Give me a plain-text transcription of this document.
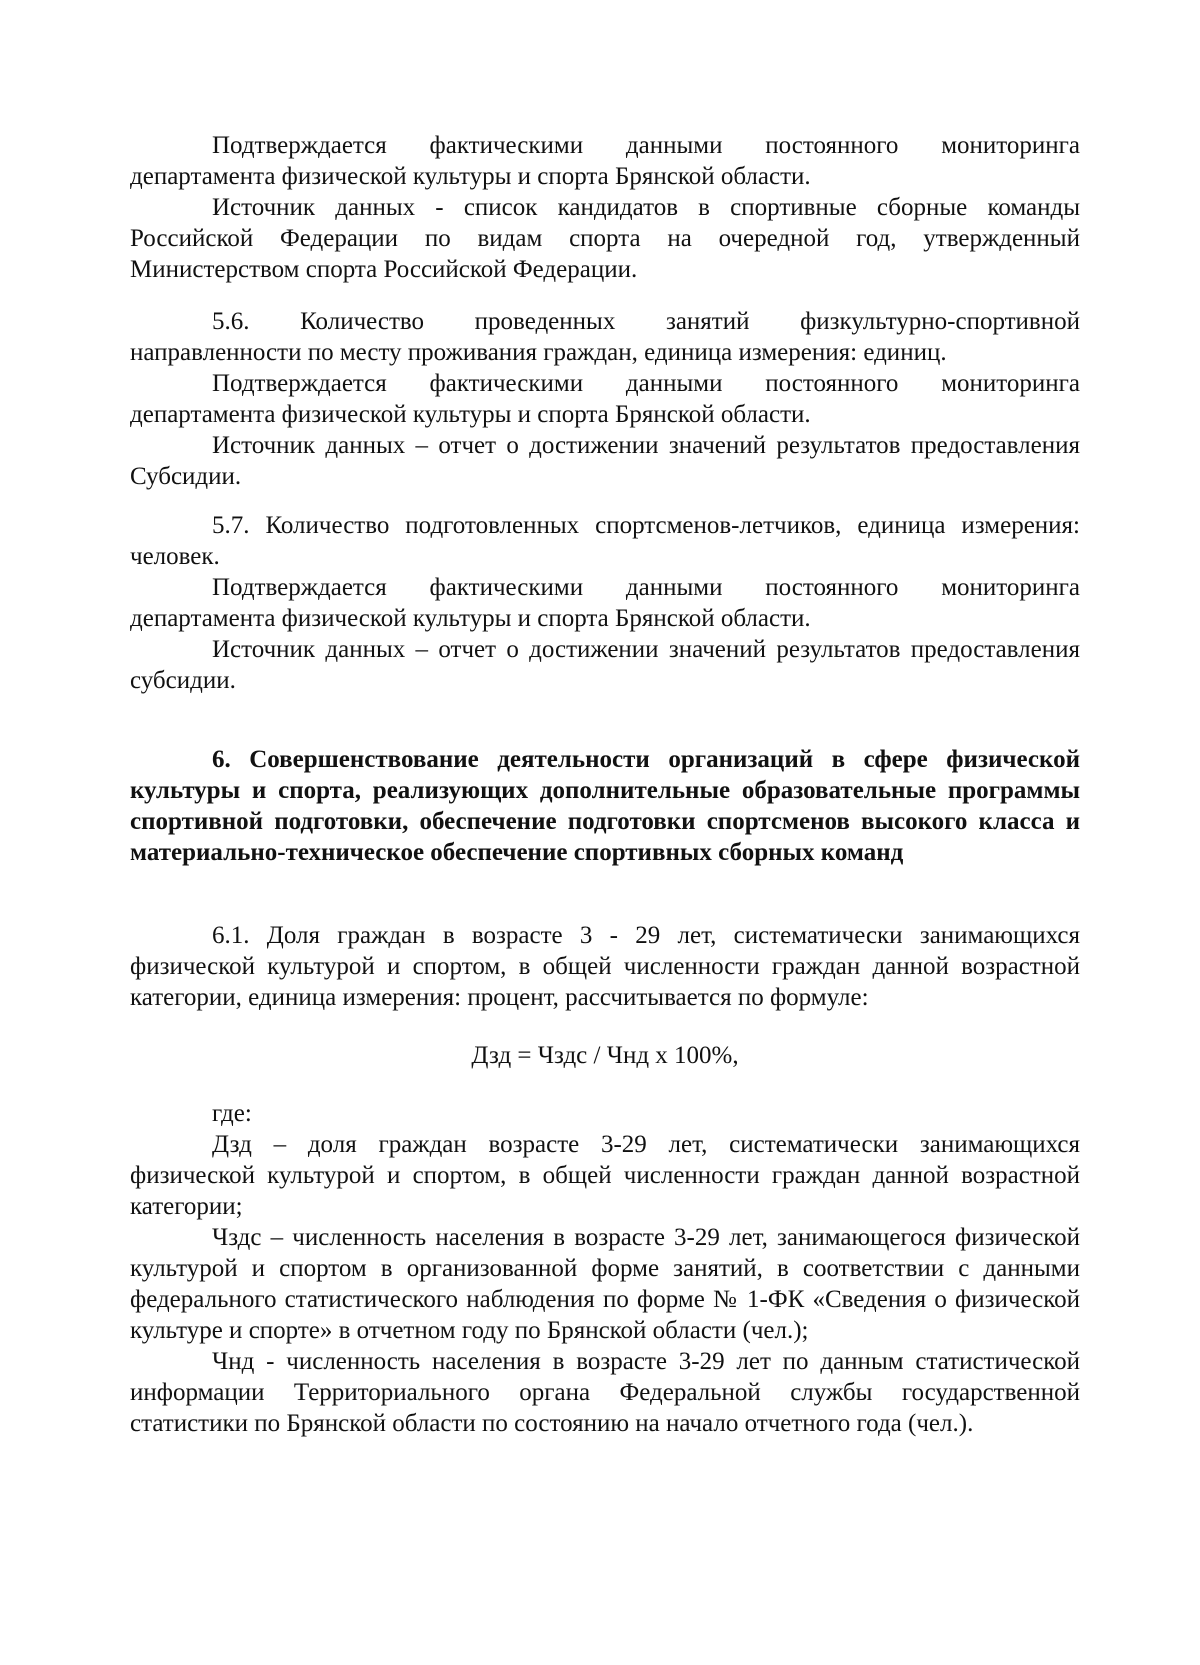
Подтверждается фактическими данными постоянного мониторинга департамента физической культуры и спорта Брянской области.

Источник данных - список кандидатов в спортивные сборные команды Российской Федерации по видам спорта на очередной год, утвержденный Министерством спорта Российской Федерации.

5.6. Количество проведенных занятий физкультурно-спортивной направленности по месту проживания граждан, единица измерения: единиц.

Подтверждается фактическими данными постоянного мониторинга департамента физической культуры и спорта Брянской области.

Источник данных – отчет о достижении значений результатов предоставления Субсидии.

5.7. Количество подготовленных спортсменов-летчиков, единица измерения: человек.

Подтверждается фактическими данными постоянного мониторинга департамента физической культуры и спорта Брянской области.

Источник данных – отчет о достижении значений результатов предоставления субсидии.

6. Совершенствование деятельности организаций в сфере физической культуры и спорта, реализующих дополнительные образовательные программы спортивной подготовки, обеспечение подготовки спортсменов высокого класса и материально-техническое обеспечение спортивных сборных команд

6.1. Доля граждан в возрасте 3 - 29 лет, систематически занимающихся физической культурой и спортом, в общей численности граждан данной возрастной категории, единица измерения: процент, рассчитывается по формуле:

Дзд = Чздс / Чнд х 100%,

где:

Дзд – доля граждан возрасте 3-29 лет, систематически занимающихся физической культурой и спортом, в общей численности граждан данной возрастной категории;

Чздс – численность населения в возрасте 3-29 лет, занимающегося физической культурой и спортом в организованной форме занятий, в соответствии с данными федерального статистического наблюдения по форме № 1-ФК «Сведения о физической культуре и спорте» в отчетном году по Брянской области (чел.);

Чнд - численность населения в возрасте 3-29 лет по данным статистической информации Территориального органа Федеральной службы государственной статистики по Брянской области по состоянию на начало отчетного года (чел.).
